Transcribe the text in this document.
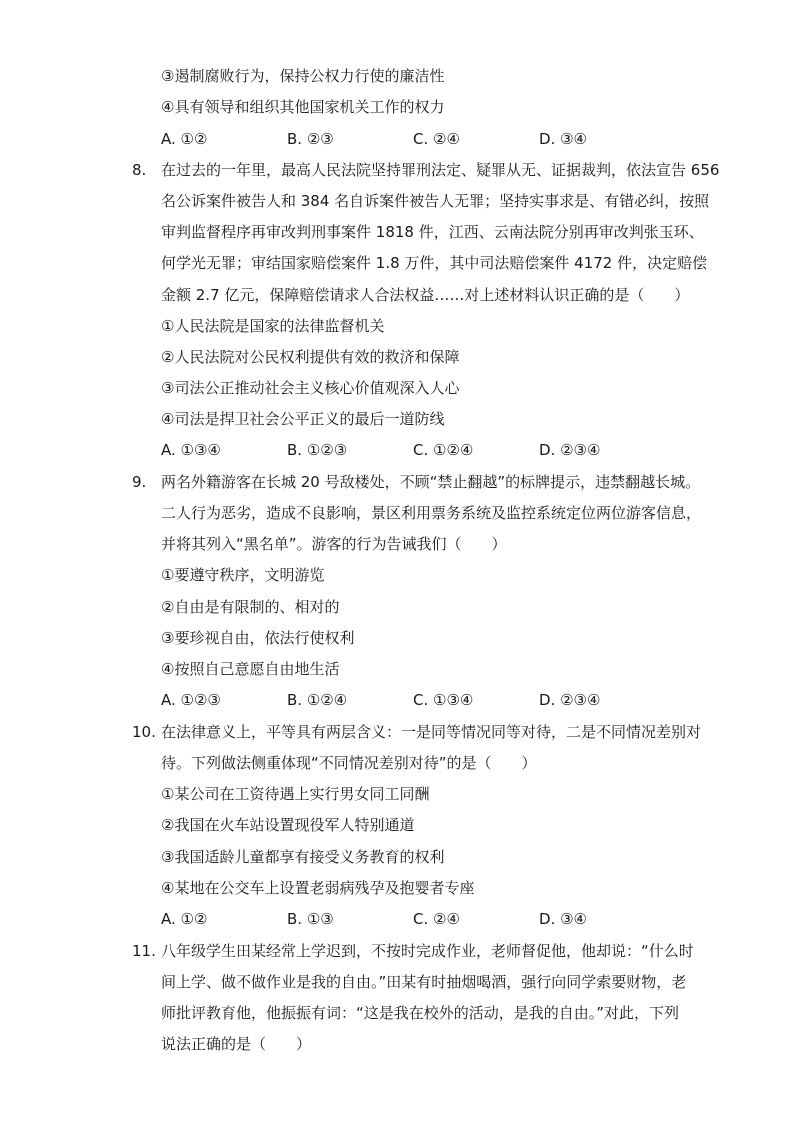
③遏制腐败行为，保持公权力行使的廉洁性
④具有领导和组织其他国家机关工作的权力
A. ①②	B. ②③	C. ②④	D. ③④
8. 在过去的一年里，最高人民法院坚持罪刑法定、疑罪从无、证据裁判，依法宣告 656
名公诉案件被告人和 384 名自诉案件被告人无罪；坚持实事求是、有错必纠，按照
审判监督程序再审改判刑事案件 1818 件，江西、云南法院分别再审改判张玉环、
何学光无罪；审结国家赔偿案件 1.8 万件，其中司法赔偿案件 4172 件，决定赔偿
金额 2.7 亿元，保障赔偿请求人合法权益……对上述材料认识正确的是（　　）
①人民法院是国家的法律监督机关
②人民法院对公民权利提供有效的救济和保障
③司法公正推动社会主义核心价值观深入人心
④司法是捍卫社会公平正义的最后一道防线
A. ①③④	B. ①②③	C. ①②④	D. ②③④
9. 两名外籍游客在长城 20 号敌楼处，不顾“禁止翻越”的标牌提示，违禁翻越长城。
二人行为恶劣，造成不良影响，景区利用票务系统及监控系统定位两位游客信息，
并将其列入“黑名单”。游客的行为告诫我们（　　）
①要遵守秩序，文明游览
②自由是有限制的、相对的
③要珍视自由，依法行使权利
④按照自己意愿自由地生活
A. ①②③	B. ①②④	C. ①③④	D. ②③④
10. 在法律意义上，平等具有两层含义：一是同等情况同等对待，二是不同情况差别对
待。下列做法侧重体现“不同情况差别对待”的是（　　）
①某公司在工资待遇上实行男女同工同酬
②我国在火车站设置现役军人特别通道
③我国适龄儿童都享有接受义务教育的权利
④某地在公交车上设置老弱病残孕及抱婴者专座
A. ①②	B. ①③	C. ②④	D. ③④
11. 八年级学生田某经常上学迟到，不按时完成作业，老师督促他，他却说：“什么时
间上学、做不做作业是我的自由。”田某有时抽烟喝酒，强行向同学索要财物，老
师批评教育他，他振振有词：“这是我在校外的活动，是我的自由。”对此，下列
说法正确的是（　　）
